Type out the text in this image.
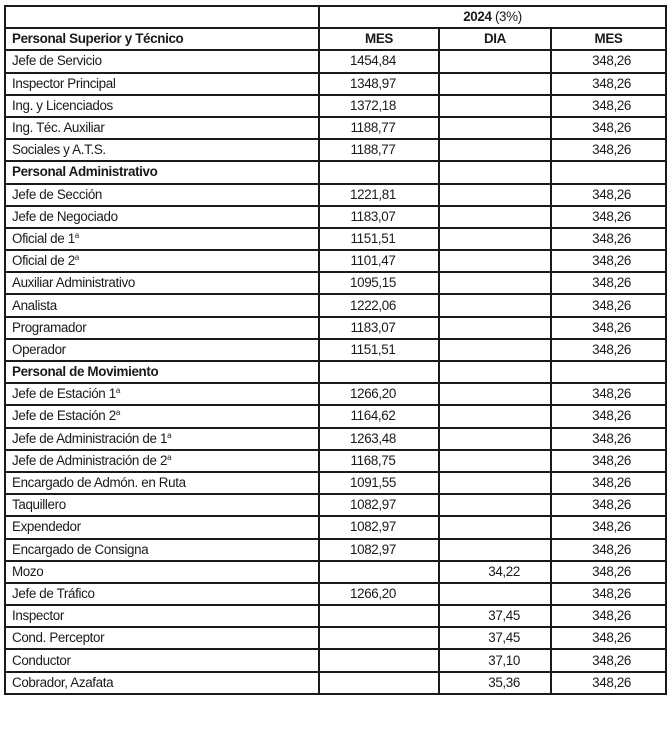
	2024 (3%)		
Personal Superior y Técnico	MES	DIA	MES
Jefe de Servicio	1454,84		348,26
Inspector Principal	1348,97		348,26
Ing. y Licenciados	1372,18		348,26
Ing. Téc. Auxiliar	1188,77		348,26
Sociales y A.T.S.	1188,77		348,26
Personal Administrativo			
Jefe de Sección	1221,81		348,26
Jefe de Negociado	1183,07		348,26
Oficial de 1$^a$	1151,51		348,26
Oficial de 2$^a$	1101,47		348,26
Auxiliar Administrativo	1095,15		348,26
Analista	1222,06		348,26
Programador	1183,07		348,26
Operador	1151,51		348,26
Personal de Movimiento			
Jefe de Estación 1$^a$	1266,20		348,26
Jefe de Estación 2$^a$	1164,62		348,26
Jefe de Administración de 1$^a$	1263,48		348,26
Jefe de Administración de 2$^a$	1168,75		348,26
Encargado de Admón. en Ruta	1091,55		348,26
Taquillero	1082,97		348,26
Expendedor	1082,97		348,26
Encargado de Consigna	1082,97		348,26
Mozo		34,22	348,26
Jefe de Tráfico	1266,20		348,26
Inspector		37,45	348,26
Cond. Perceptor		37,45	348,26
Conductor		37,10	348,26
Cobrador, Azafata		35,36	348,26
